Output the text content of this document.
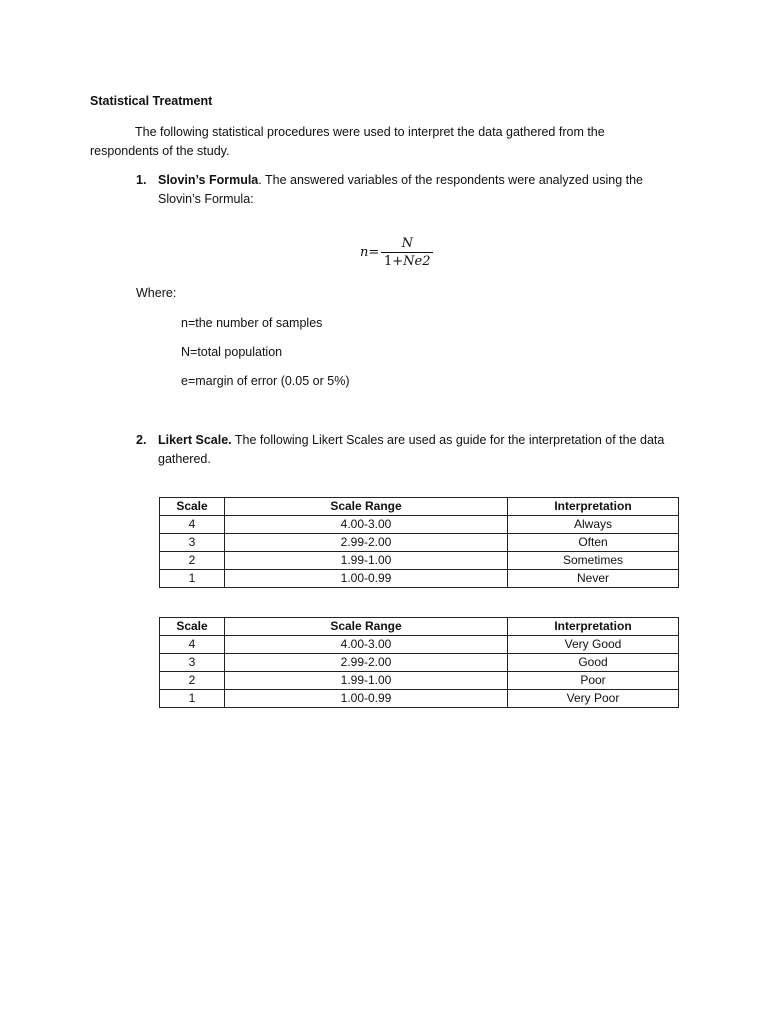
Statistical Treatment
The following statistical procedures were used to interpret the data gathered from the respondents of the study.
1. Slovin’s Formula. The answered variables of the respondents were analyzed using the Slovin’s Formula:
$n= \frac{N}{1+Ne2}$
Where:
n=the number of samples
N=total population
e=margin of error (0.05 or 5%)
2. Likert Scale. The following Likert Scales are used as guide for the interpretation of the data gathered.
Scale	Scale Range	Interpretation
4	4.00-3.00	Always
3	2.99-2.00	Often
2	1.99-1.00	Sometimes
1	1.00-0.99	Never
Scale	Scale Range	Interpretation
4	4.00-3.00	Very Good
3	2.99-2.00	Good
2	1.99-1.00	Poor
1	1.00-0.99	Very Poor
